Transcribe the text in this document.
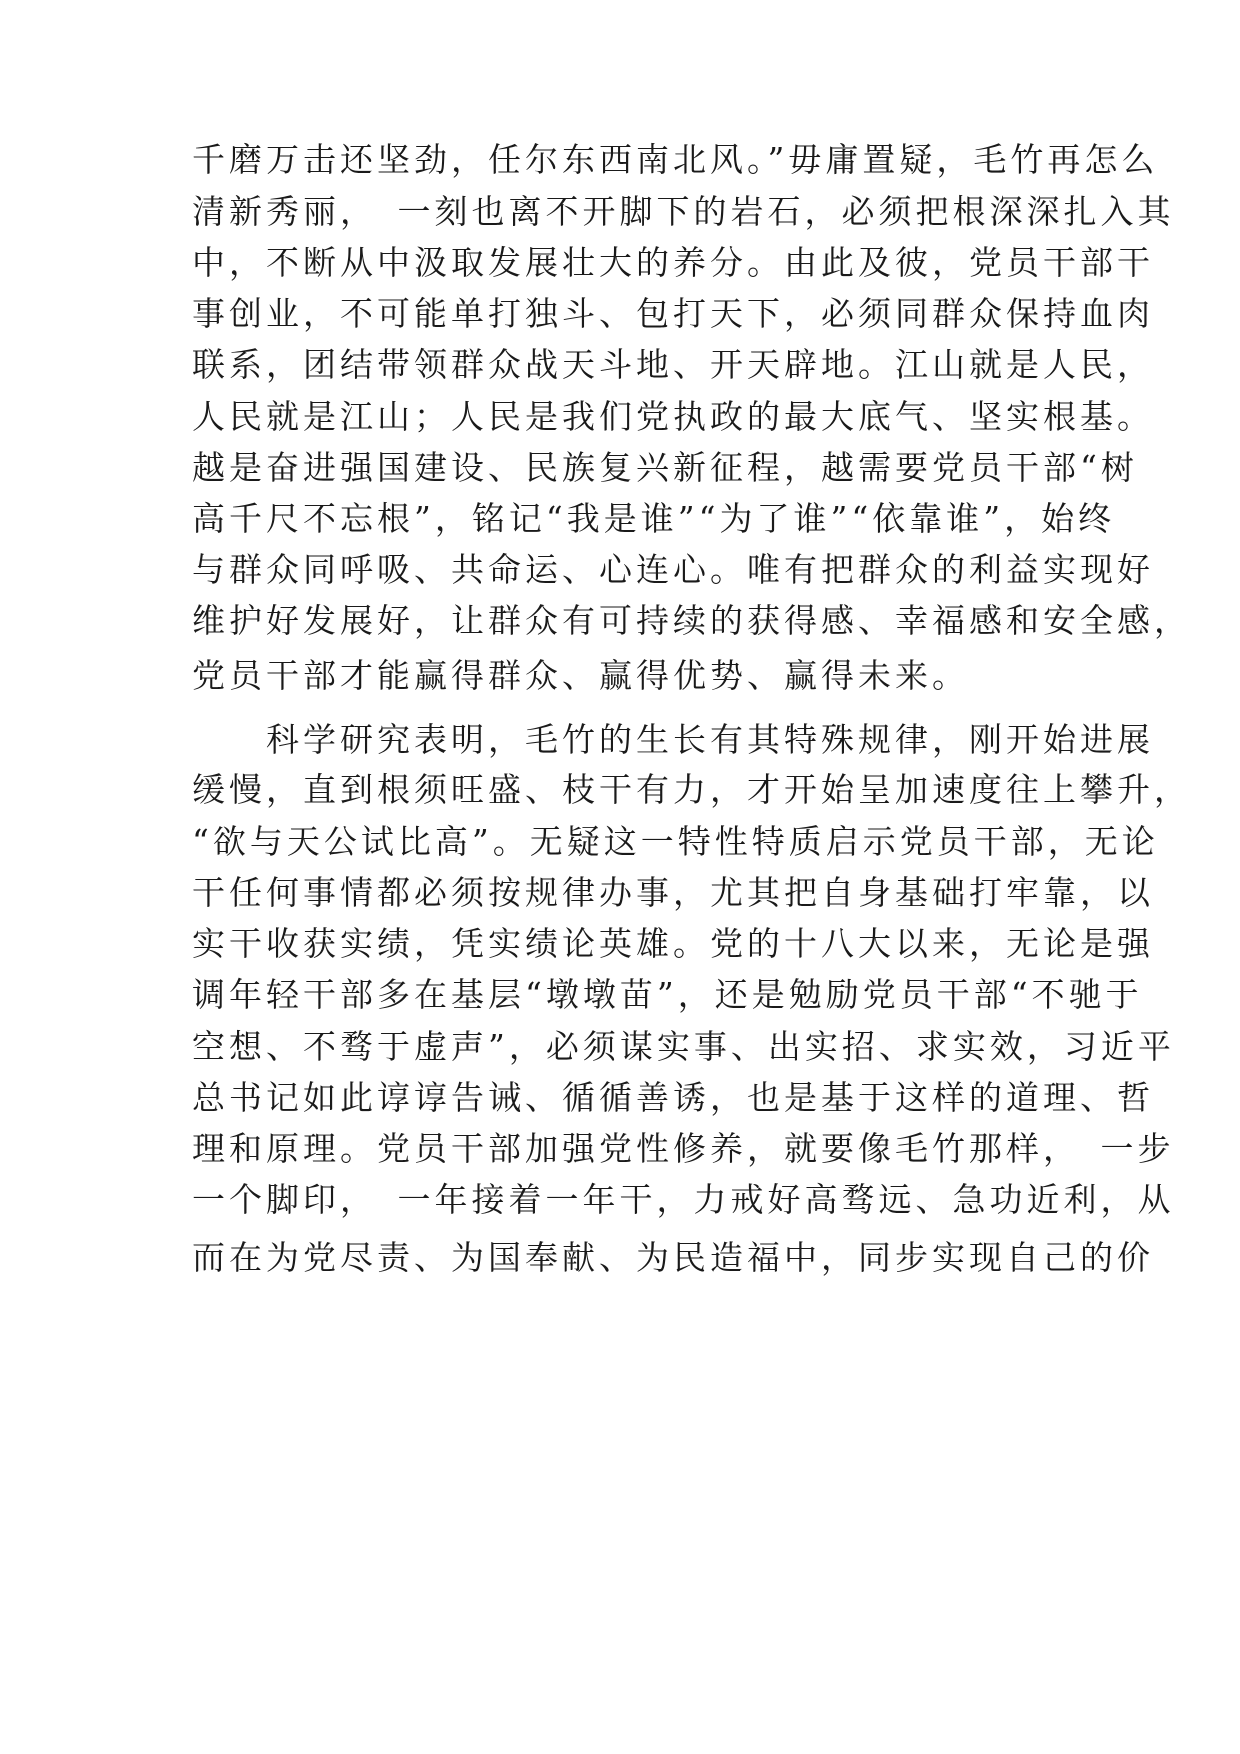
千磨万击还坚劲，任尔东西南北风。”毋庸置疑，毛竹再怎么
清新秀丽，　一刻也离不开脚下的岩石，必须把根深深扎入其
中，不断从中汲取发展壮大的养分。由此及彼，党员干部干
事创业，不可能单打独斗、包打天下，必须同群众保持血肉
联系，团结带领群众战天斗地、开天辟地。江山就是人民，
人民就是江山；人民是我们党执政的最大底气、坚实根基。
越是奋进强国建设、民族复兴新征程，越需要党员干部“树
高千尺不忘根”，铭记“我是谁”“为了谁”“依靠谁”，始终
与群众同呼吸、共命运、心连心。唯有把群众的利益实现好
维护好发展好，让群众有可持续的获得感、幸福感和安全感，
党员干部才能赢得群众、赢得优势、赢得未来。
　　科学研究表明，毛竹的生长有其特殊规律，刚开始进展
缓慢，直到根须旺盛、枝干有力，才开始呈加速度往上攀升，
“欲与天公试比高”。无疑这一特性特质启示党员干部，无论
干任何事情都必须按规律办事，尤其把自身基础打牢靠，以
实干收获实绩，凭实绩论英雄。党的十八大以来，无论是强
调年轻干部多在基层“墩墩苗”，还是勉励党员干部“不驰于
空想、不骛于虚声”，必须谋实事、出实招、求实效，习近平
总书记如此谆谆告诫、循循善诱，也是基于这样的道理、哲
理和原理。党员干部加强党性修养，就要像毛竹那样，　一步
一个脚印，　一年接着一年干，力戒好高骛远、急功近利，从
而在为党尽责、为国奉献、为民造福中，同步实现自己的价
